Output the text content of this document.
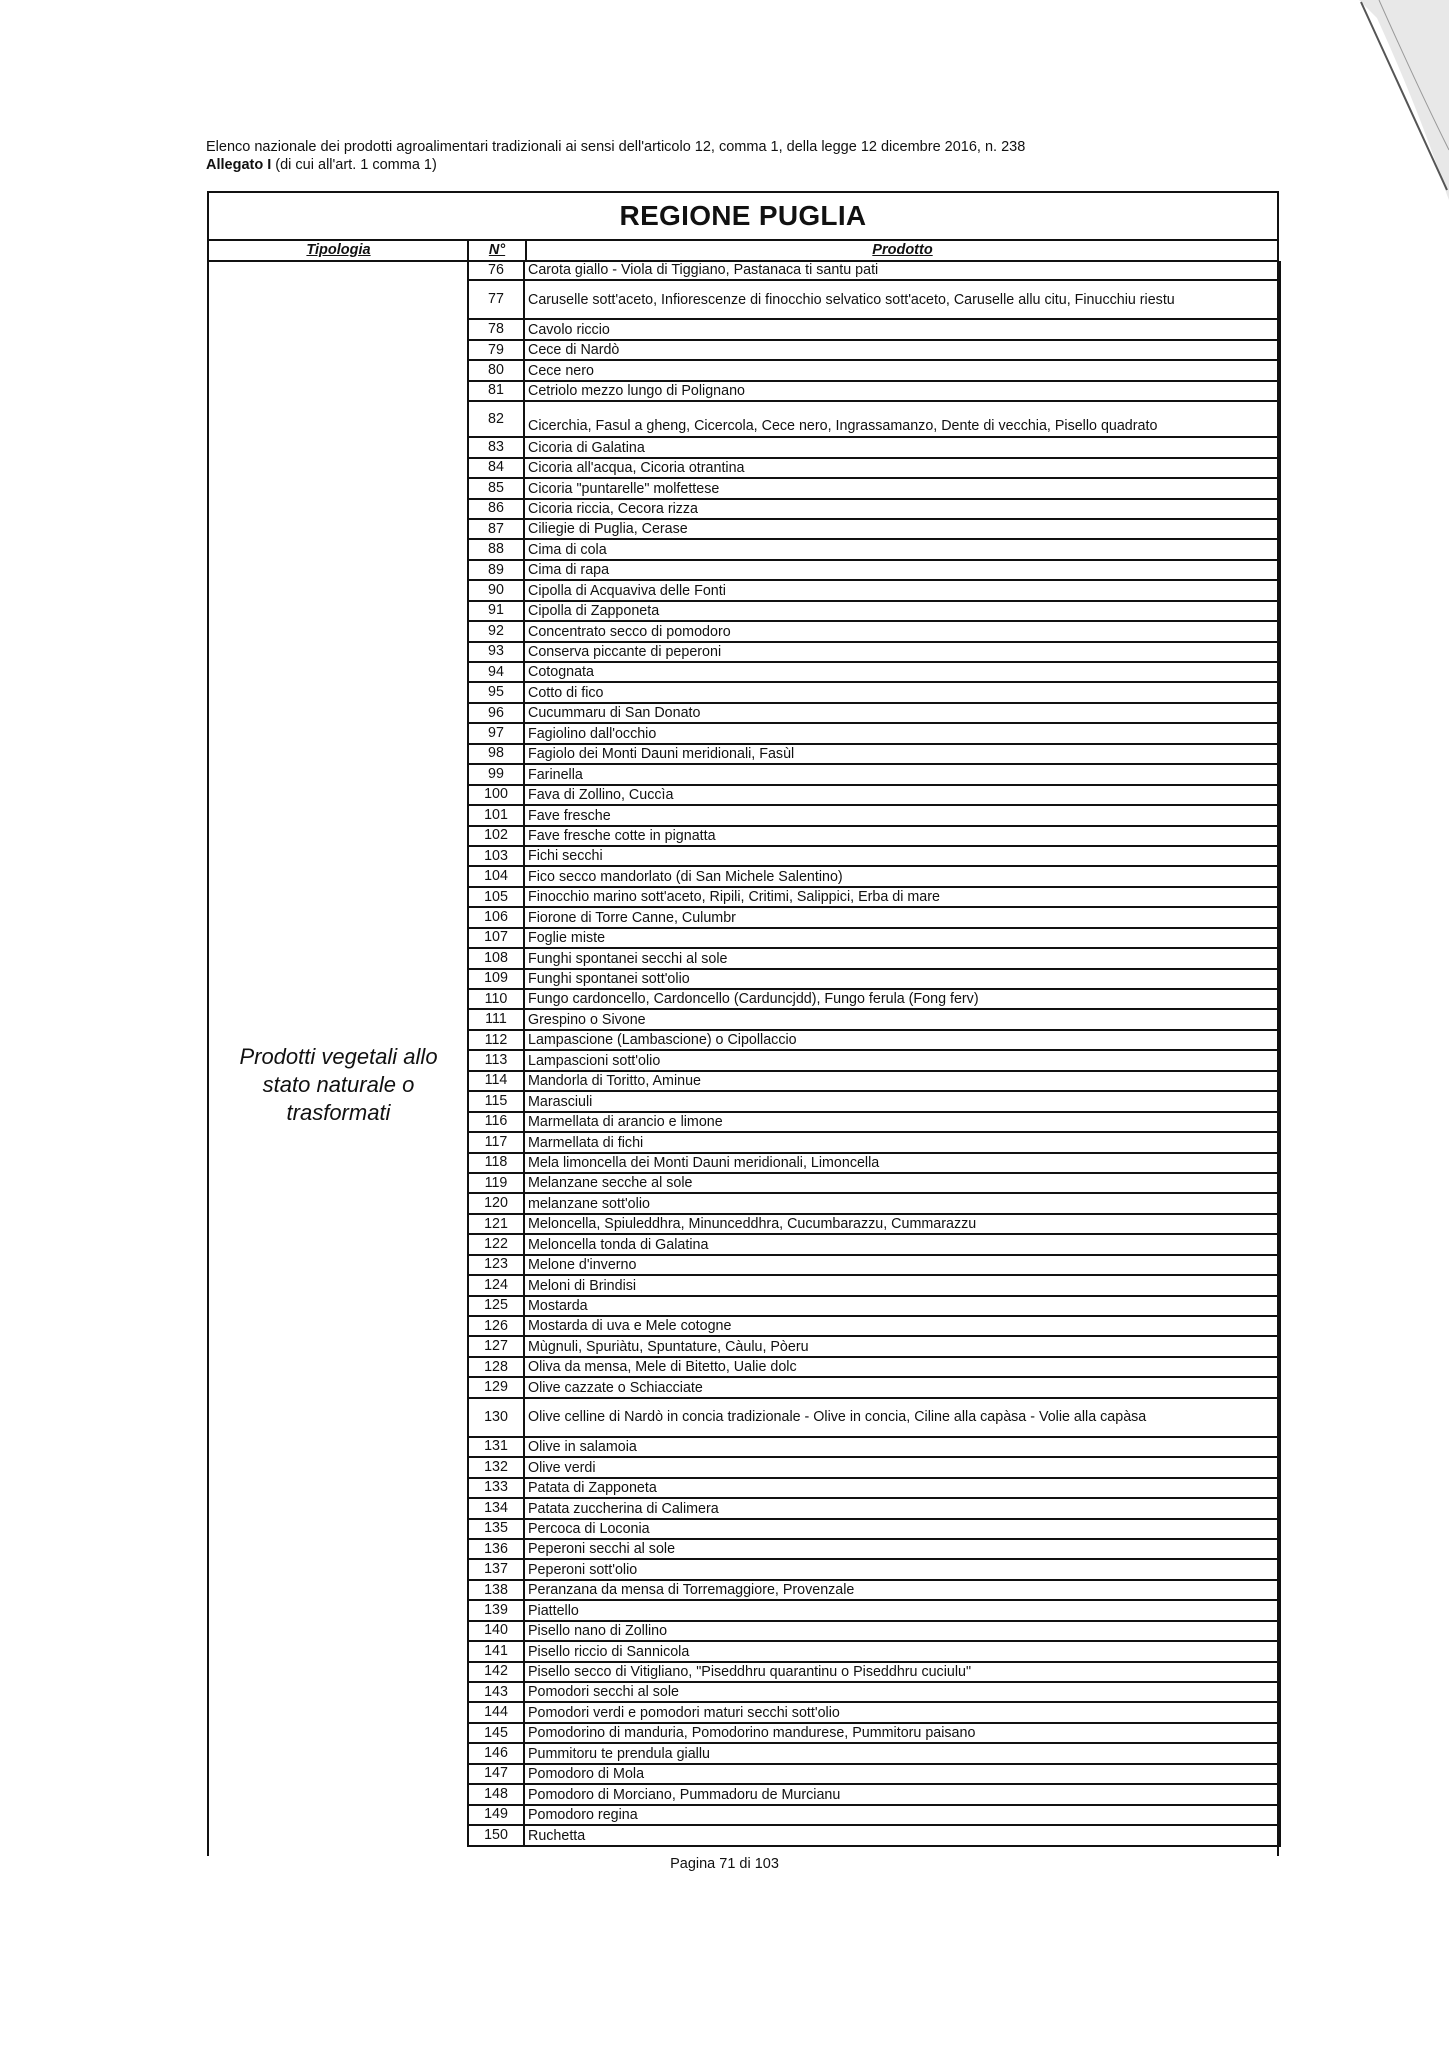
Elenco nazionale dei prodotti agroalimentari tradizionali ai sensi dell'articolo 12, comma 1, della legge 12 dicembre 2016, n. 238
Allegato I (di cui all'art. 1 comma 1)
REGIONE PUGLIA
Tipologia	N°	Prodotto
Prodotti vegetali allo
stato naturale o
trasformati
76	Carota giallo - Viola di Tiggiano, Pastanaca ti santu pati
77	Caruselle sott'aceto, Infiorescenze di finocchio selvatico sott'aceto, Caruselle allu citu, Finucchiu riestu
78	Cavolo riccio
79	Cece di Nardò
80	Cece nero
81	Cetriolo mezzo lungo di Polignano
82	Cicerchia, Fasul a gheng, Cicercola, Cece nero, Ingrassamanzo, Dente di vecchia, Pisello quadrato
83	Cicoria di Galatina
84	Cicoria all'acqua, Cicoria otrantina
85	Cicoria "puntarelle" molfettese
86	Cicoria riccia, Cecora rizza
87	Ciliegie di Puglia, Cerase
88	Cima di cola
89	Cima di rapa
90	Cipolla di Acquaviva delle Fonti
91	Cipolla di Zapponeta
92	Concentrato secco di pomodoro
93	Conserva piccante di peperoni
94	Cotognata
95	Cotto di fico
96	Cucummaru di San Donato
97	Fagiolino dall'occhio
98	Fagiolo dei Monti Dauni meridionali, Fasùl
99	Farinella
100	Fava di Zollino, Cuccìa
101	Fave fresche
102	Fave fresche cotte in pignatta
103	Fichi secchi
104	Fico secco mandorlato (di San Michele Salentino)
105	Finocchio marino sott'aceto, Ripili, Critimi, Salippici, Erba di mare
106	Fiorone di Torre Canne, Culumbr
107	Foglie miste
108	Funghi spontanei secchi al sole
109	Funghi spontanei sott'olio
110	Fungo cardoncello, Cardoncello (Carduncjdd), Fungo ferula (Fong ferv)
111	Grespino o Sivone
112	Lampascione (Lambascione) o Cipollaccio
113	Lampascioni sott'olio
114	Mandorla di Toritto, Aminue
115	Marasciuli
116	Marmellata di arancio e limone
117	Marmellata di fichi
118	Mela limoncella dei Monti Dauni meridionali, Limoncella
119	Melanzane secche al sole
120	melanzane sott'olio
121	Meloncella, Spiuleddhra, Minunceddhra, Cucumbarazzu, Cummarazzu
122	Meloncella tonda di Galatina
123	Melone d'inverno
124	Meloni di Brindisi
125	Mostarda
126	Mostarda di uva e Mele cotogne
127	Mùgnuli, Spuriàtu, Spuntature, Càulu, Pòeru
128	Oliva da mensa, Mele di Bitetto, Ualie dolc
129	Olive cazzate o Schiacciate
130	Olive celline di Nardò in concia tradizionale - Olive in concia, Ciline alla capàsa - Volie alla capàsa
131	Olive in salamoia
132	Olive verdi
133	Patata di Zapponeta
134	Patata zuccherina di Calimera
135	Percoca di Loconia
136	Peperoni secchi al sole
137	Peperoni sott'olio
138	Peranzana da mensa di Torremaggiore, Provenzale
139	Piattello
140	Pisello nano di Zollino
141	Pisello riccio di Sannicola
142	Pisello secco di Vitigliano, "Piseddhru quarantinu o Piseddhru cuciulu"
143	Pomodori secchi al sole
144	Pomodori verdi e pomodori maturi secchi sott'olio
145	Pomodorino di manduria, Pomodorino mandurese, Pummitoru paisano
146	Pummitoru te prendula giallu
147	Pomodoro di Mola
148	Pomodoro di Morciano, Pummadoru de Murcianu
149	Pomodoro regina
150	Ruchetta
Pagina 71 di 103
